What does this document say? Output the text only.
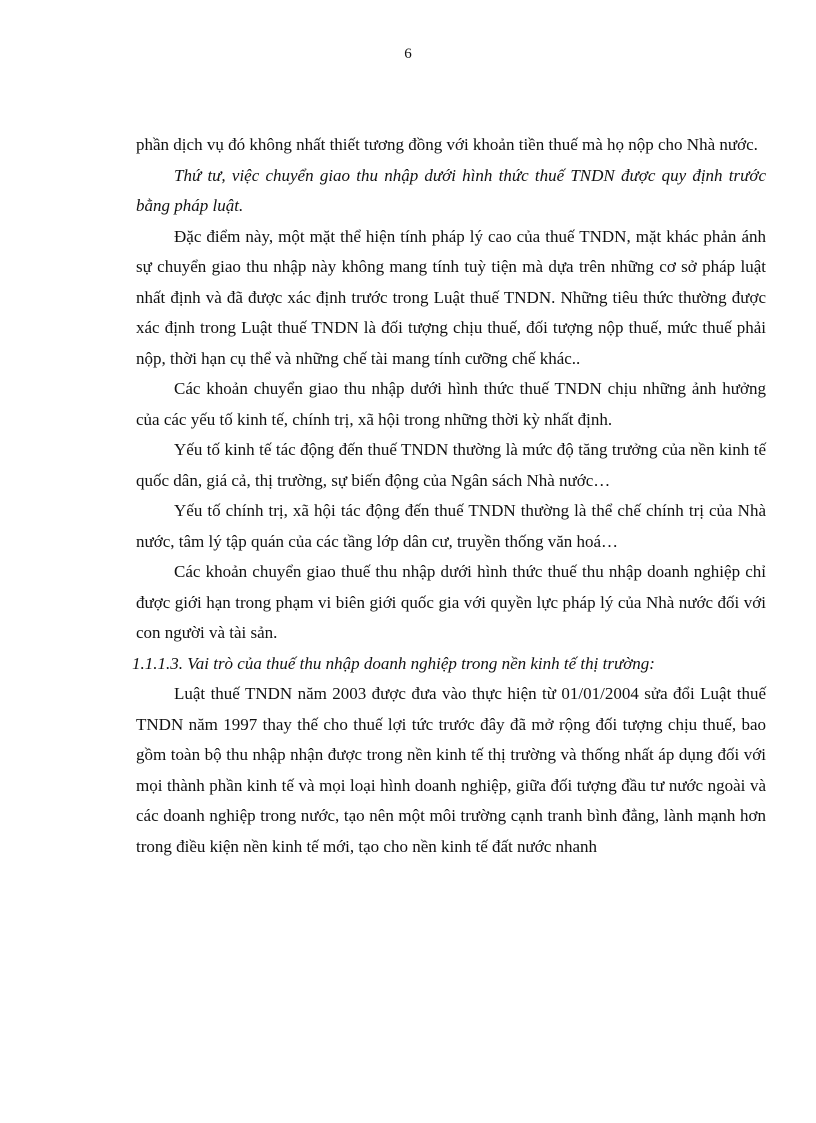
6

phần dịch vụ đó không nhất thiết tương đồng với khoản tiền thuế mà họ nộp cho Nhà nước.

Thứ tư, việc chuyển giao thu nhập dưới hình thức thuế TNDN được quy định trước bằng pháp luật.

Đặc điểm này, một mặt thể hiện tính pháp lý cao của thuế TNDN, mặt khác phản ánh sự chuyển giao thu nhập này không mang tính tuỳ tiện mà dựa trên những cơ sở pháp luật nhất định và đã được xác định trước trong Luật thuế TNDN. Những tiêu thức thường được xác định trong Luật thuế TNDN là đối tượng chịu thuế, đối tượng nộp thuế, mức thuế phải nộp, thời hạn cụ thể và những chế tài mang tính cưỡng chế khác..

Các khoản chuyển giao thu nhập dưới hình thức thuế TNDN chịu những ảnh hưởng của các yếu tố kinh tế, chính trị, xã hội trong những thời kỳ nhất định.

Yếu tố kinh tế tác động đến thuế TNDN thường là mức độ tăng trưởng của nền kinh tế quốc dân, giá cả, thị trường, sự biến động của Ngân sách Nhà nước…

Yếu tố chính trị, xã hội tác động đến thuế TNDN thường là thể chế chính trị của Nhà nước, tâm lý tập quán của các tầng lớp dân cư, truyền thống văn hoá…

Các khoản chuyển giao thuế thu nhập dưới hình thức thuế thu nhập doanh nghiệp chỉ được giới hạn trong phạm vi biên giới quốc gia với quyền lực pháp lý của Nhà nước đối với con người và tài sản.

1.1.1.3. Vai trò của thuế thu nhập doanh nghiệp trong nền kinh tế thị trường:

Luật thuế TNDN năm 2003 được đưa vào thực hiện từ 01/01/2004 sửa đổi Luật thuế TNDN năm 1997 thay thế cho thuế lợi tức trước đây đã mở rộng đối tượng chịu thuế, bao gồm toàn bộ thu nhập nhận được trong nền kinh tế thị trường và thống nhất áp dụng đối với mọi thành phần kinh tế và mọi loại hình doanh nghiệp, giữa đối tượng đầu tư nước ngoài và các doanh nghiệp trong nước, tạo nên một môi trường cạnh tranh bình đẳng, lành mạnh hơn trong điều kiện nền kinh tế mới, tạo cho nền kinh tế đất nước nhanh
